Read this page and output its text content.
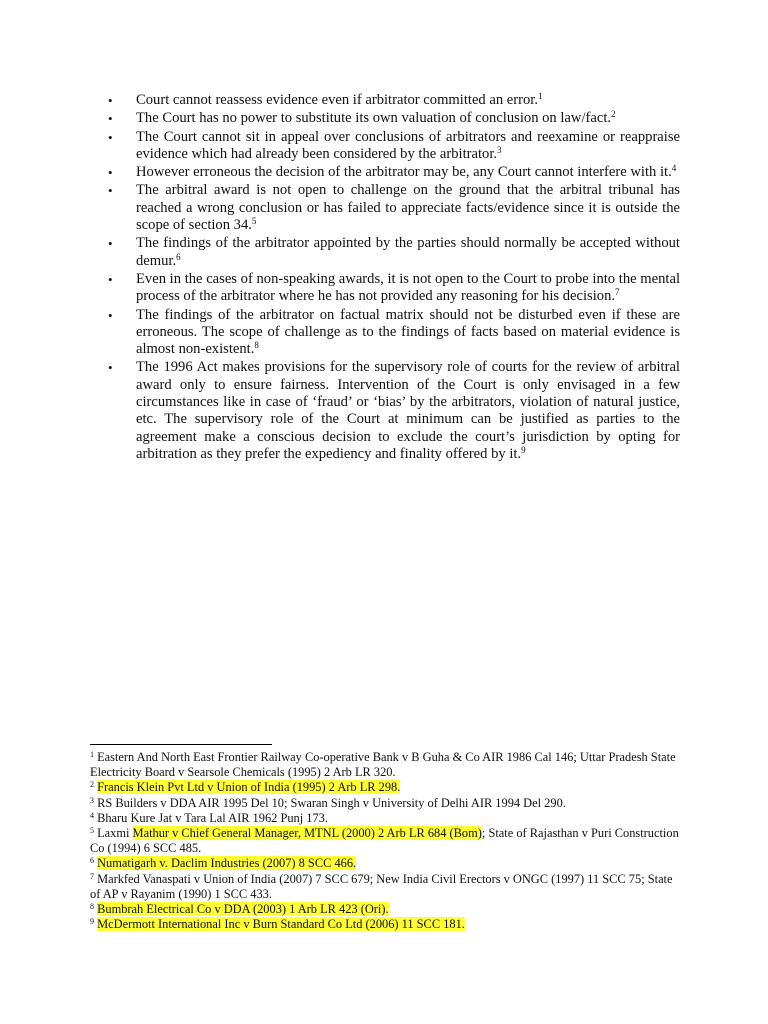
• Court cannot reassess evidence even if arbitrator committed an error.$^1$
• The Court has no power to substitute its own valuation of conclusion on law/fact.$^2$
• The Court cannot sit in appeal over conclusions of arbitrators and reexamine or reappraise evidence which had already been considered by the arbitrator.$^3$
• However erroneous the decision of the arbitrator may be, any Court cannot interfere with it.$^4$
• The arbitral award is not open to challenge on the ground that the arbitral tribunal has reached a wrong conclusion or has failed to appreciate facts/evidence since it is outside the scope of section 34.$^5$
• The findings of the arbitrator appointed by the parties should normally be accepted without demur.$^6$
• Even in the cases of non-speaking awards, it is not open to the Court to probe into the mental process of the arbitrator where he has not provided any reasoning for his decision.$^7$
• The findings of the arbitrator on factual matrix should not be disturbed even if these are erroneous. The scope of challenge as to the findings of facts based on material evidence is almost non-existent.$^8$
• The 1996 Act makes provisions for the supervisory role of courts for the review of arbitral award only to ensure fairness. Intervention of the Court is only envisaged in a few circumstances like in case of ‘fraud’ or ‘bias’ by the arbitrators, violation of natural justice, etc. The supervisory role of the Court at minimum can be justified as parties to the agreement make a conscious decision to exclude the court’s jurisdiction by opting for arbitration as they prefer the expediency and finality offered by it.$^9$

$^1$ Eastern And North East Frontier Railway Co-operative Bank v B Guha & Co AIR 1986 Cal 146; Uttar Pradesh State Electricity Board v Searsole Chemicals (1995) 2 Arb LR 320.

$^2$ Francis Klein Pvt Ltd v Union of India (1995) 2 Arb LR 298.

$^3$ RS Builders v DDA AIR 1995 Del 10; Swaran Singh v University of Delhi AIR 1994 Del 290.

$^4$ Bharu Kure Jat v Tara Lal AIR 1962 Punj 173.

$^5$ Laxmi Mathur v Chief General Manager, MTNL (2000) 2 Arb LR 684 (Bom); State of Rajasthan v Puri Construction Co (1994) 6 SCC 485.

$^6$ Numatigarh v. Daclim Industries (2007) 8 SCC 466.

$^7$ Markfed Vanaspati v Union of India (2007) 7 SCC 679; New India Civil Erectors v ONGC (1997) 11 SCC 75; State of AP v Rayanim (1990) 1 SCC 433.

$^8$ Bumbrah Electrical Co v DDA (2003) 1 Arb LR 423 (Ori).

$^9$ McDermott International Inc v Burn Standard Co Ltd (2006) 11 SCC 181.
